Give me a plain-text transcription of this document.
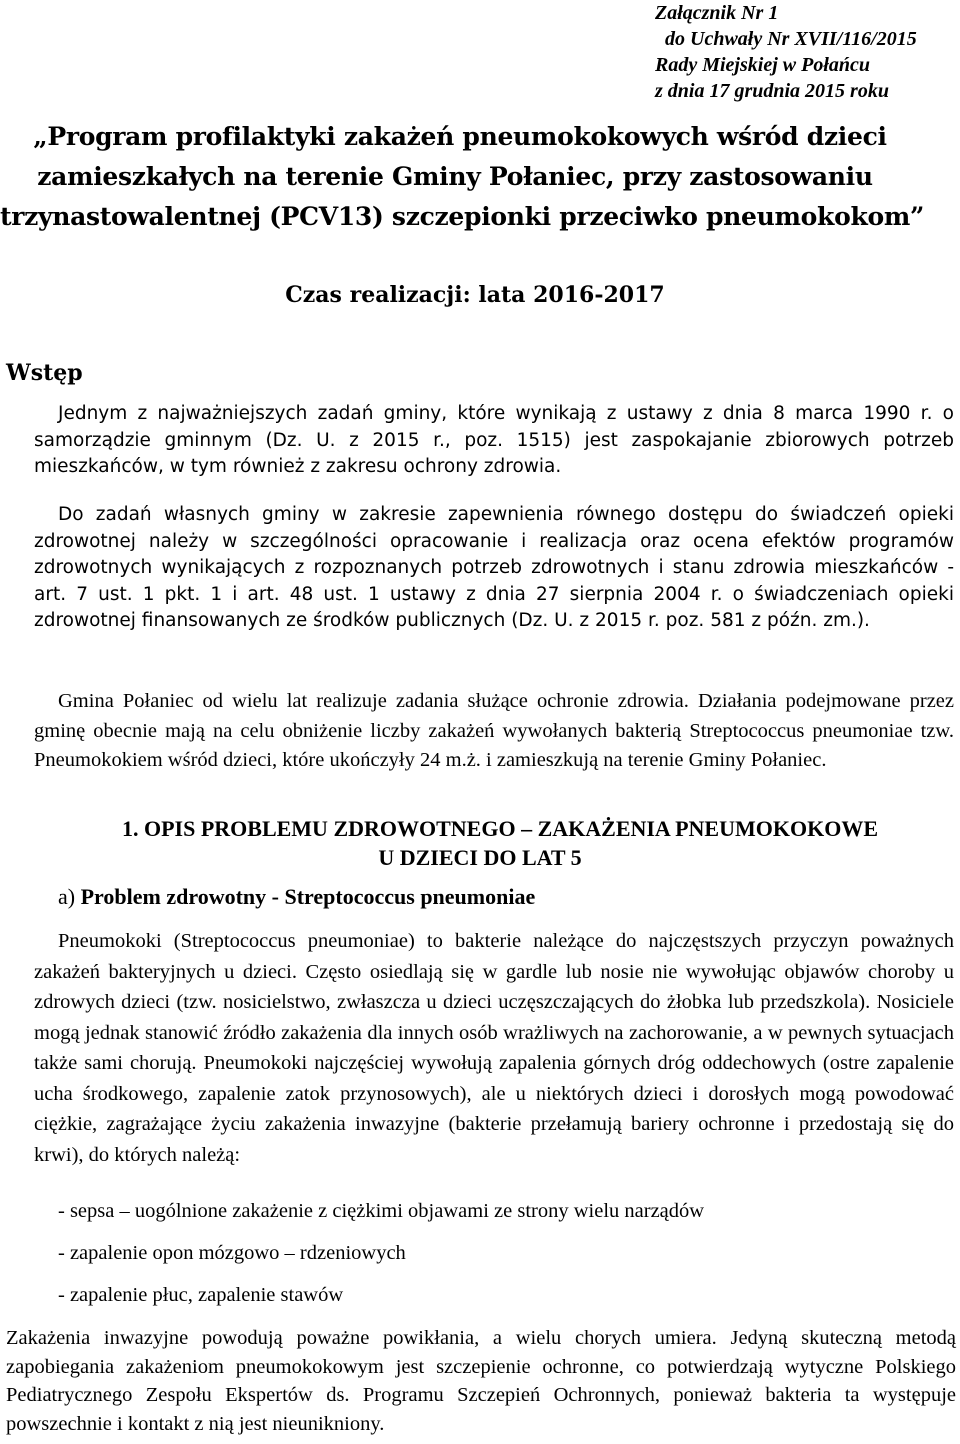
Załącznik Nr 1
do Uchwały Nr XVII/116/2015
Rady Miejskiej w Połańcu
z dnia 17 grudnia 2015 roku
„Program profilaktyki zakażeń pneumokokowych wśród dzieci
zamieszkałych na terenie Gminy Połaniec, przy zastosowaniu
trzynastowalentnej (PCV13) szczepionki przeciwko pneumokokom”
Czas realizacji: lata 2016-2017
Wstęp
Jednym z najważniejszych zadań gminy, które wynikają z ustawy z dnia 8 marca 1990 r. o samorządzie gminnym (Dz. U. z 2015 r., poz. 1515) jest zaspokajanie zbiorowych potrzeb mieszkańców, w tym również z zakresu ochrony zdrowia.
Do zadań własnych gminy w zakresie zapewnienia równego dostępu do świadczeń opieki zdrowotnej należy w szczególności opracowanie i realizacja oraz ocena efektów programów zdrowotnych wynikających z rozpoznanych potrzeb zdrowotnych i stanu zdrowia mieszkańców - art. 7 ust. 1 pkt. 1 i art. 48 ust. 1 ustawy z dnia 27 sierpnia 2004 r. o świadczeniach opieki zdrowotnej finansowanych ze środków publicznych (Dz. U. z 2015 r. poz. 581 z późn. zm.).
Gmina Połaniec od wielu lat realizuje zadania służące ochronie zdrowia. Działania podejmowane przez gminę obecnie mają na celu obniżenie liczby zakażeń wywołanych bakterią Streptococcus pneumoniae tzw. Pneumokokiem wśród dzieci, które ukończyły 24 m.ż. i zamieszkują na terenie Gminy Połaniec.
1. OPIS PROBLEMU ZDROWOTNEGO – ZAKAŻENIA PNEUMOKOKOWE
U DZIECI DO LAT 5
a) Problem zdrowotny - Streptococcus pneumoniae
Pneumokoki (Streptococcus pneumoniae) to bakterie należące do najczęstszych przyczyn poważnych zakażeń bakteryjnych u dzieci. Często osiedlają się w gardle lub nosie nie wywołując objawów choroby u zdrowych dzieci (tzw. nosicielstwo, zwłaszcza u dzieci uczęszczających do żłobka lub przedszkola). Nosiciele mogą jednak stanowić źródło zakażenia dla innych osób wrażliwych na zachorowanie, a w pewnych sytuacjach także sami chorują. Pneumokoki najczęściej wywołują zapalenia górnych dróg oddechowych (ostre zapalenie ucha środkowego, zapalenie zatok przynosowych), ale u niektórych dzieci i dorosłych mogą powodować ciężkie, zagrażające życiu zakażenia inwazyjne (bakterie przełamują bariery ochronne i przedostają się do krwi), do których należą:
- sepsa – uogólnione zakażenie z ciężkimi objawami ze strony wielu narządów
- zapalenie opon mózgowo – rdzeniowych
- zapalenie płuc, zapalenie stawów
Zakażenia inwazyjne powodują poważne powikłania, a wielu chorych umiera. Jedyną skuteczną metodą zapobiegania zakażeniom pneumokokowym jest szczepienie ochronne, co potwierdzają wytyczne Polskiego Pediatrycznego Zespołu Ekspertów ds. Programu Szczepień Ochronnych, ponieważ bakteria ta występuje powszechnie i kontakt z nią jest nieunikniony.
